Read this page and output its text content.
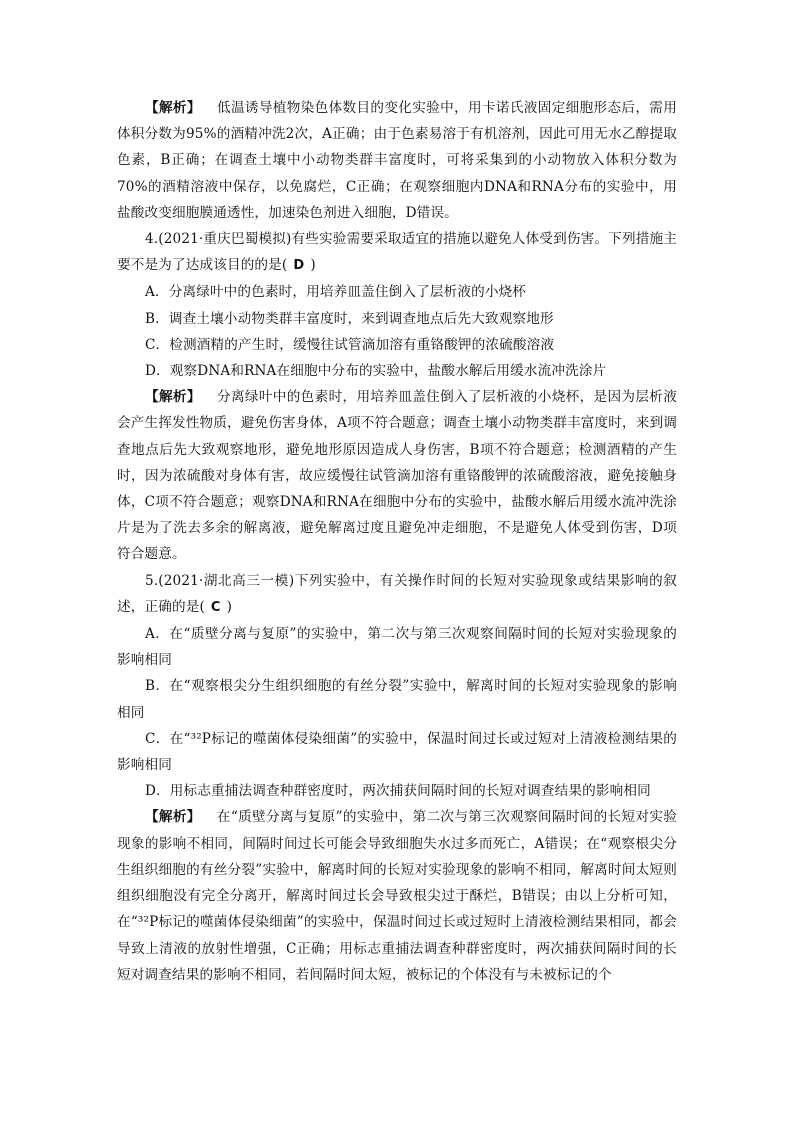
【解析】 低温诱导植物染色体数目的变化实验中，用卡诺氏液固定细胞形态后，需用体积分数为95%的酒精冲洗2次，A正确；由于色素易溶于有机溶剂，因此可用无水乙醇提取色素，B正确；在调查土壤中小动物类群丰富度时，可将采集到的小动物放入体积分数为70%的酒精溶液中保存，以免腐烂，C正确；在观察细胞内DNA和RNA分布的实验中，用盐酸改变细胞膜通透性，加速染色剂进入细胞，D错误。

4.(2021·重庆巴蜀模拟)有些实验需要采取适宜的措施以避免人体受到伤害。下列措施主要不是为了达成该目的的是( D )

A．分离绿叶中的色素时，用培养皿盖住倒入了层析液的小烧杯

B．调查土壤小动物类群丰富度时，来到调查地点后先大致观察地形

C．检测酒精的产生时，缓慢往试管滴加溶有重铬酸钾的浓硫酸溶液

D．观察DNA和RNA在细胞中分布的实验中，盐酸水解后用缓水流冲洗涂片

【解析】 分离绿叶中的色素时，用培养皿盖住倒入了层析液的小烧杯，是因为层析液会产生挥发性物质，避免伤害身体，A项不符合题意；调查土壤小动物类群丰富度时，来到调查地点后先大致观察地形，避免地形原因造成人身伤害，B项不符合题意；检测酒精的产生时，因为浓硫酸对身体有害，故应缓慢往试管滴加溶有重铬酸钾的浓硫酸溶液，避免接触身体，C项不符合题意；观察DNA和RNA在细胞中分布的实验中，盐酸水解后用缓水流冲洗涂片是为了洗去多余的解离液，避免解离过度且避免冲走细胞，不是避免人体受到伤害，D项符合题意。

5.(2021·湖北高三一模)下列实验中，有关操作时间的长短对实验现象或结果影响的叙述，正确的是( C )

A．在“质壁分离与复原”的实验中，第二次与第三次观察间隔时间的长短对实验现象的影响相同

B．在“观察根尖分生组织细胞的有丝分裂”实验中，解离时间的长短对实验现象的影响相同

C．在“³²P标记的噬菌体侵染细菌”的实验中，保温时间过长或过短对上清液检测结果的影响相同

D．用标志重捕法调查种群密度时，两次捕获间隔时间的长短对调查结果的影响相同

【解析】 在“质壁分离与复原”的实验中，第二次与第三次观察间隔时间的长短对实验现象的影响不相同，间隔时间过长可能会导致细胞失水过多而死亡，A错误；在“观察根尖分生组织细胞的有丝分裂”实验中，解离时间的长短对实验现象的影响不相同，解离时间太短则组织细胞没有完全分离开，解离时间过长会导致根尖过于酥烂，B错误；由以上分析可知，在“³²P标记的噬菌体侵染细菌”的实验中，保温时间过长或过短时上清液检测结果相同，都会导致上清液的放射性增强，C正确；用标志重捕法调查种群密度时，两次捕获间隔时间的长短对调查结果的影响不相同，若间隔时间太短，被标记的个体没有与未被标记的个
